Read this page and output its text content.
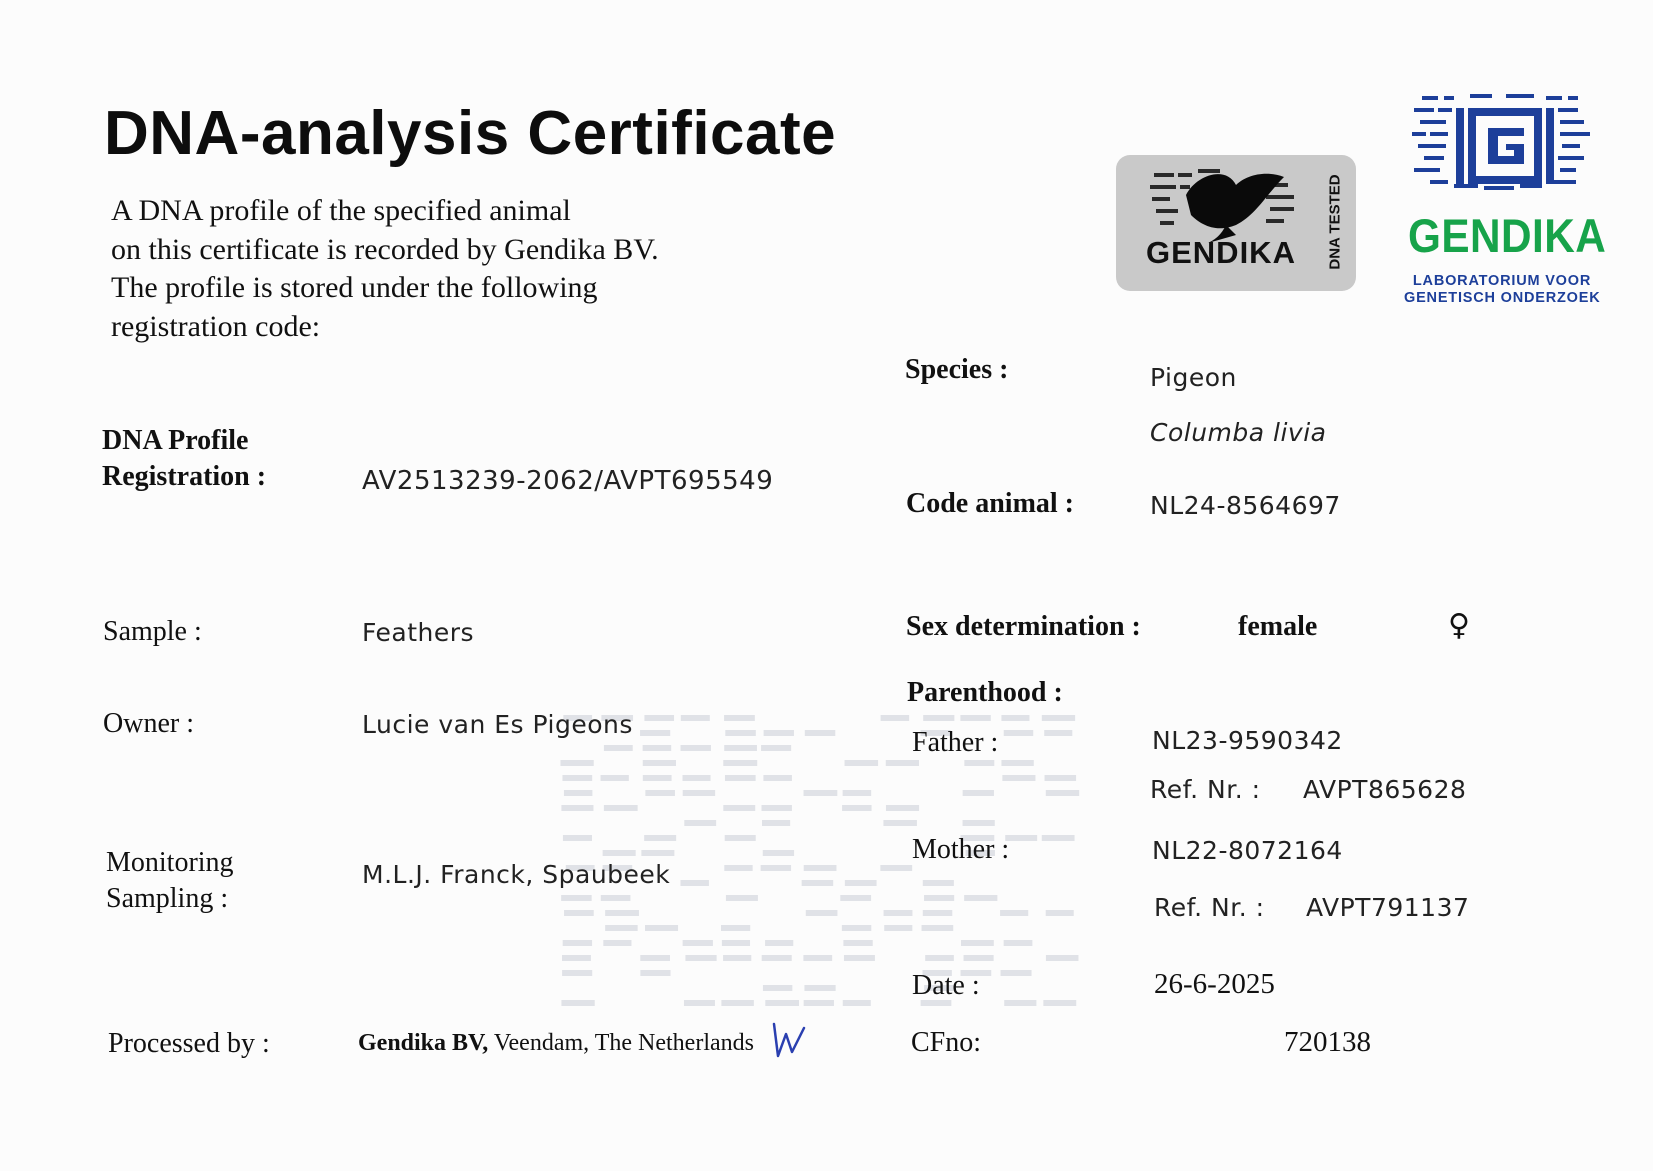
DNA-analysis Certificate
A DNA profile of the specified animal
on this certificate is recorded by Gendika BV.
The profile is stored under the following
registration code:
GENDIKA DNA TESTED GENDIKA
LABORATORIUM VOOR
GENETISCH ONDERZOEK
DNA Profile
Registration :	AV2513239-2062/AVPT695549
Sample :	Feathers
Owner :	Lucie van Es Pigeons
Monitoring
Sampling :
M.L.J. Franck, Spaubeek
Processed by :	Gendika BV, Veendam, The Netherlands
Species :	Pigeon
Columba livia
Code animal :	NL24-8564697
Sex determination :	female	♀
Parenthood :
Father :	NL23-9590342
Ref. Nr. : AVPT865628
Mother :	NL22-8072164
Ref. Nr. : AVPT791137
Date :	26-6-2025
CFno:	720138
